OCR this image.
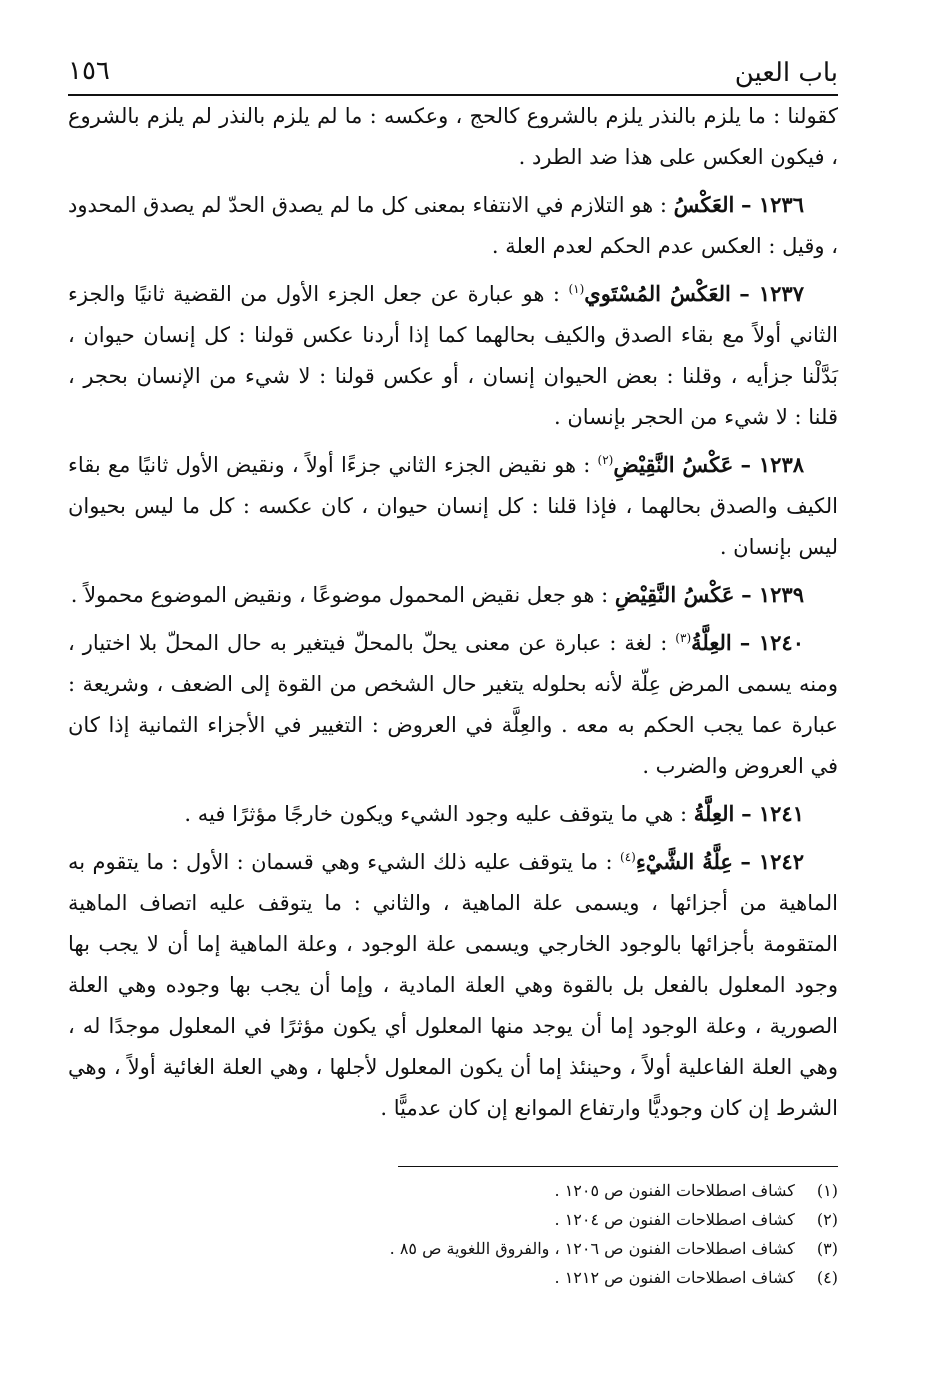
باب العين
١٥٦

كقولنا : ما يلزم بالنذر يلزم بالشروع كالحج ، وعكسه : ما لم يلزم بالنذر لم يلزم بالشروع ، فيكون العكس على هذا ضد الطرد .

١٢٣٦ – العَكْسُ : هو التلازم في الانتفاء بمعنى كل ما لم يصدق الحدّ لم يصدق المحدود ، وقيل : العكس عدم الحكم لعدم العلة .

١٢٣٧ – العَكْسُ المُسْتَوي$^{(١)}$ : هو عبارة عن جعل الجزء الأول من القضية ثانيًا والجزء الثاني أولاً مع بقاء الصدق والكيف بحالهما كما إذا أردنا عكس قولنا : كل إنسان حيوان ، بَدَّلْنا جزأيه ، وقلنا : بعض الحيوان إنسان ، أو عكس قولنا : لا شيء من الإنسان بحجر ، قلنا : لا شيء من الحجر بإنسان .

١٢٣٨ – عَكْسُ النَّقِيْضِ$^{(٢)}$ : هو نقيض الجزء الثاني جزءًا أولاً ، ونقيض الأول ثانيًا مع بقاء الكيف والصدق بحالهما ، فإذا قلنا : كل إنسان حيوان ، كان عكسه : كل ما ليس بحيوان ليس بإنسان .

١٢٣٩ – عَكْسُ النَّقِيْضِ : هو جعل نقيض المحمول موضوعًا ، ونقيض الموضوع محمولاً .

١٢٤٠ – العِلَّةُ$^{(٣)}$ : لغة : عبارة عن معنى يحلّ بالمحلّ فيتغير به حال المحلّ بلا اختيار ، ومنه يسمى المرض عِلّة لأنه بحلوله يتغير حال الشخص من القوة إلى الضعف ، وشريعة : عبارة عما يجب الحكم به معه . والعِلَّة في العروض : التغيير في الأجزاء الثمانية إذا كان في العروض والضرب .

١٢٤١ – العِلَّةُ : هي ما يتوقف عليه وجود الشيء ويكون خارجًا مؤثرًا فيه .

١٢٤٢ – عِلَّةُ الشَّيْءِ$^{(٤)}$ : ما يتوقف عليه ذلك الشيء وهي قسمان : الأول : ما يتقوم به الماهية من أجزائها ، ويسمى علة الماهية ، والثاني : ما يتوقف عليه اتصاف الماهية المتقومة بأجزائها بالوجود الخارجي ويسمى علة الوجود ، وعلة الماهية إما أن لا يجب بها وجود المعلول بالفعل بل بالقوة وهي العلة المادية ، وإما أن يجب بها وجوده وهي العلة الصورية ، وعلة الوجود إما أن يوجد منها المعلول أي يكون مؤثرًا في المعلول موجدًا له ، وهي العلة الفاعلية أولاً ، وحينئذ إما أن يكون المعلول لأجلها ، وهي العلة الغائية أولاً ، وهي الشرط إن كان وجوديًّا وارتفاع الموانع إن كان عدميًّا .

(١) كشاف اصطلاحات الفنون ص ١٢٠٥ .
(٢) كشاف اصطلاحات الفنون ص ١٢٠٤ .
(٣) كشاف اصطلاحات الفنون ص ١٢٠٦ ، والفروق اللغوية ص ٨٥ .
(٤) كشاف اصطلاحات الفنون ص ١٢١٢ .
